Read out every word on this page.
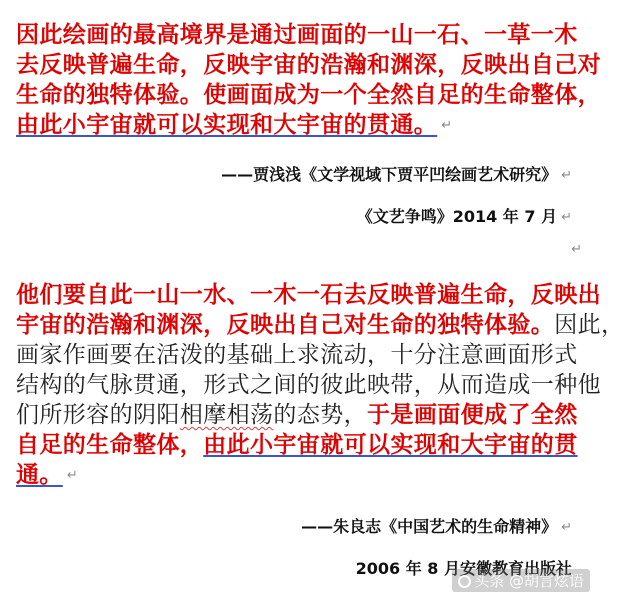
因此绘画的最高境界是通过画面的一山一石、一草一木
去反映普遍生命，反映宇宙的浩瀚和渊深，反映出自己对
生命的独特体验。使画面成为一个全然自足的生命整体，
由此小宇宙就可以实现和大宇宙的贯通。 ↵
——贾浅浅《文学视域下贾平凹绘画艺术研究》 ↵
《文艺争鸣》2014 年 7 月 ↵
↵
他们要自此一山一水、一木一石去反映普遍生命，反映出
宇宙的浩瀚和渊深，反映出自己对生命的独特体验。因此，
画家作画要在活泼的基础上求流动，十分注意画面形式
结构的气脉贯通，形式之间的彼此映带，从而造成一种他
们所形容的阴阳相摩相荡的态势，于是画面便成了全然
自足的生命整体，由此小宇宙就可以实现和大宇宙的贯
通。 ↵
——朱良志《中国艺术的生命精神》 ↵
2006 年 8 月安徽教育出版社
头条 @胡言炫语
